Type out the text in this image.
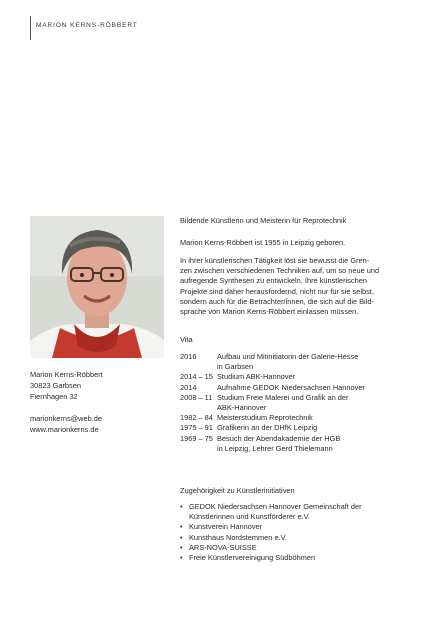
MARION KERNS-RÖBBERT
Marion Kerns-Röbbert
30823 Garbsen
Fiernhagen 32
marionkerns@web.de
www.marionkerns.de
Bildende Künstlerin und Meisterin für Reprotechnik
Marion Kerns-Röbbert ist 1955 in Leipzig geboren.
In ihrer künstlerischen Tätigkeit löst sie bewusst die Gren-
zen zwischen verschiedenen Techniken auf, um so neue und
aufregende Synthesen zu entwickeln. Ihre künstlerischen
Projekte sind daher herausfordernd, nicht nur für sie selbst,
sondern auch für die Betrachter/innen, die sich auf die Bild-
sprache von Marion Kerns-Röbbert einlassen müssen.
Vita
2016	Aufbau und Mitinitiatorin der Galerie-Hesse
in Garbsen
2014 – 15 Studium ABK-Hannover
2014	Aufnahme GEDOK Niedersachsen Hannover
2008 – 11 Studium Freie Malerei und Grafik an der
ABK-Hannover
1982 – 84 Meisterstudium Reprotechnik
1975 – 91 Grafikerin an der DHfK Leipzig
1969 – 75 Besuch der Abendakademie der HGB
in Leipzig, Lehrer Gerd Thielemann
Zugehörigkeit zu Künstlerinitiativen
• GEDOK Niedersachsen Hannover Gemeinschaft der
Künstlerinnen und Kunstförderer e.V.
• Kunstverein Hannover
• Kunsthaus Nordstemmen e.V.
• ARS-NOVA-SUISSE
• Freie Künstlervereinigung Südböhmen
